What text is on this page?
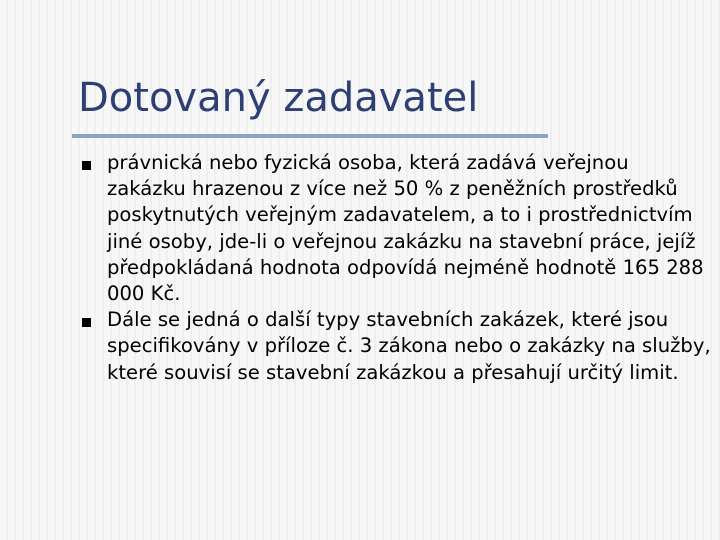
Dotovaný zadavatel
právnická nebo fyzická osoba, která zadává veřejnou zakázku hrazenou z více než 50 % z peněžních prostředků poskytnutých veřejným zadavatelem, a to i prostřednictvím jiné osoby, jde-li o veřejnou zakázku na stavební práce, jejíž předpokládaná hodnota odpovídá nejméně hodnotě 165 288 000 Kč.
Dále se jedná o další typy stavebních zakázek, které jsou specifikovány v příloze č. 3 zákona nebo o zakázky na služby, které souvisí se stavební zakázkou a přesahují určitý limit.
